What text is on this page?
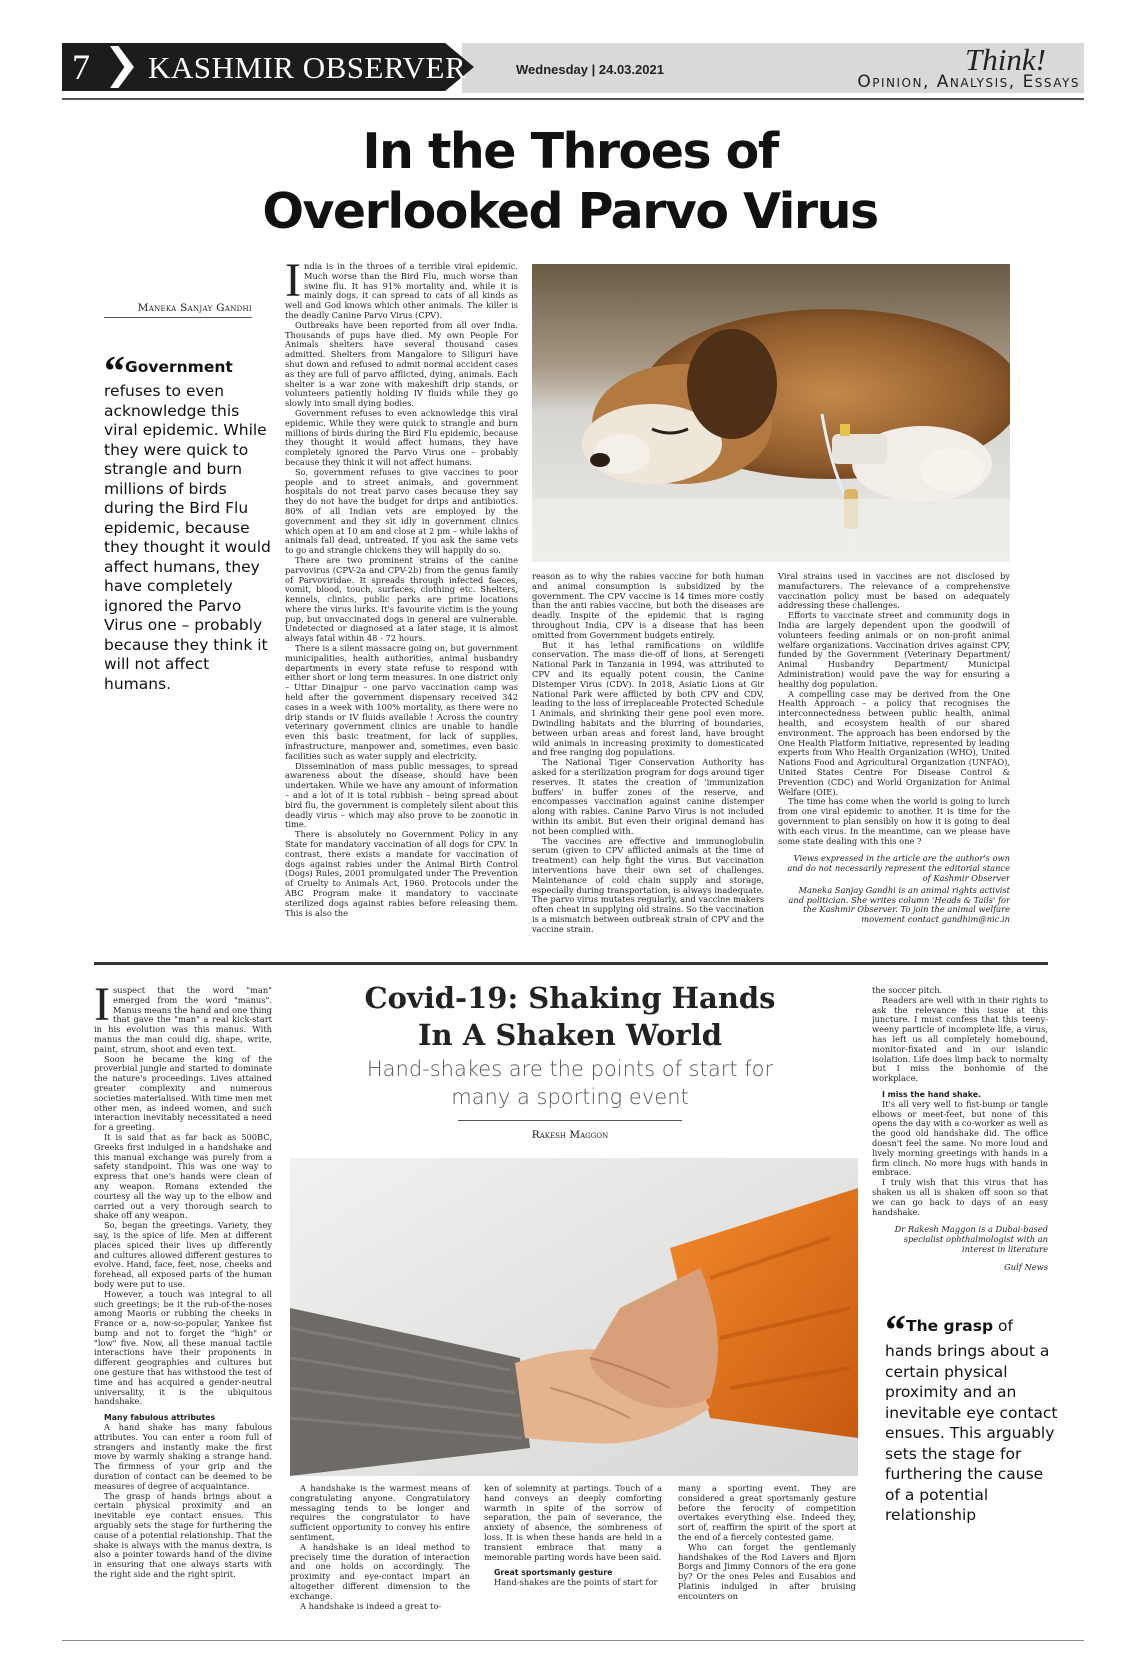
7 KASHMIR OBSERVER	Wednesday | 24.03.2021	Think!
Opinion, Analysis, Essays
In the Throes of Overlooked Parvo Virus
Maneka Sanjay Gandhi
“Government refuses to even acknowledge this viral epidemic. While they were quick to strangle and burn millions of birds during the Bird Flu epidemic, because they thought it would affect humans, they have completely ignored the Parvo Virus one – probably because they think it will not affect humans.

India is in the throes of a terrible viral epidemic. Much worse than the Bird Flu, much worse than swine flu. It has 91% mortality and, while it is mainly dogs, it can spread to cats of all kinds as well and God knows which other animals. The killer is the deadly Canine Parvo Virus (CPV).

Outbreaks have been reported from all over India. Thousands of pups have died. My own People For Animals shelters have several thousand cases admitted. Shelters from Mangalore to Siliguri have shut down and refused to admit normal accident cases as they are full of parvo afflicted, dying, animals. Each shelter is a war zone with makeshift drip stands, or volunteers patiently holding IV fluids while they go slowly into small dying bodies.

Government refuses to even acknowledge this viral epidemic. While they were quick to strangle and burn millions of birds during the Bird Flu epidemic, because they thought it would affect humans, they have completely ignored the Parvo Virus one – probably because they think it will not affect humans.

So, government refuses to give vaccines to poor people and to street animals, and government hospitals do not treat parvo cases because they say they do not have the budget for drips and antibiotics. 80% of all Indian vets are employed by the government and they sit idly in government clinics which open at 10 am and close at 2 pm – while lakhs of animals fall dead, untreated. If you ask the same vets to go and strangle chickens they will happily do so.

There are two prominent strains of the canine parvovirus (CPV-2a and CPV-2b) from the genus family of Parvoviridae. It spreads through infected faeces, vomit, blood, touch, surfaces, clothing etc. Shelters, kennels, clinics, public parks are prime locations where the virus lurks. It's favourite victim is the young pup, but unvaccinated dogs in general are vulnerable. Undetected or diagnosed at a later stage, it is almost always fatal within 48 - 72 hours.

There is a silent massacre going on, but government municipalities, health authorities, animal husbandry departments in every state refuse to respond with either short or long term measures. In one district only – Uttar Dinajpur – one parvo vaccination camp was held after the government dispensary received 342 cases in a week with 100% mortality, as there were no drip stands or IV fluids available ! Across the country veterinary government clinics are unable to handle even this basic treatment, for lack of supplies, infrastructure, manpower and, sometimes, even basic facilities such as water supply and electricity.

Dissemination of mass public messages, to spread awareness about the disease, should have been undertaken. While we have any amount of information – and a lot of it is total rubbish – being spread about bird flu, the government is completely silent about this deadly virus – which may also prove to be zoonotic in time.

There is absolutely no Government Policy in any State for mandatory vaccination of all dogs for CPV. In contrast, there exists a mandate for vaccination of dogs against rabies under the Animal Birth Control (Dogs) Rules, 2001 promulgated under The Prevention of Cruelty to Animals Act, 1960. Protocols under the ABC Program make it mandatory to vaccinate sterilized dogs against rabies before releasing them. This is also the

reason as to why the rabies vaccine for both human and animal consumption is subsidized by the government. The CPV vaccine is 14 times more costly than the anti rabies vaccine, but both the diseases are deadly. Inspite of the epidemic that is raging throughout India, CPV is a disease that has been omitted from Government budgets entirely.

But it has lethal ramifications on wildlife conservation. The mass die-off of lions, at Serengeti National Park in Tanzania in 1994, was attributed to CPV and its equally potent cousin, the Canine Distemper Virus (CDV). In 2018, Asiatic Lions at Gir National Park were afflicted by both CPV and CDV, leading to the loss of irreplaceable Protected Schedule I Animals, and shrinking their gene pool even more. Dwindling habitats and the blurring of boundaries, between urban areas and forest land, have brought wild animals in increasing proximity to domesticated and free ranging dog populations.

The National Tiger Conservation Authority has asked for a sterilization program for dogs around tiger reserves. It states the creation of 'immunization buffers' in buffer zones of the reserve, and encompasses vaccination against canine distemper along with rabies. Canine Parvo Virus is not included within its ambit. But even their original demand has not been complied with.

The vaccines are effective and immunoglobulin serum (given to CPV afflicted animals at the time of treatment) can help fight the virus. But vaccination interventions have their own set of challenges. Maintenance of cold chain supply and storage, especially during transportation, is always inadequate. The parvo virus mutates regularly, and vaccine makers often cheat in supplying old strains. So the vaccination is a mismatch between outbreak strain of CPV and the vaccine strain.

Viral strains used in vaccines are not disclosed by manufacturers. The relevance of a comprehensive vaccination policy must be based on adequately addressing these challenges.

Efforts to vaccinate street and community dogs in India are largely dependent upon the goodwill of volunteers feeding animals or on non-profit animal welfare organizations. Vaccination drives against CPV, funded by the Government (Veterinary Department/ Animal Husbandry Department/ Municipal Administration) would pave the way for ensuring a healthy dog population.

A compelling case may be derived from the One Health Approach – a policy that recognises the interconnectedness between public health, animal health, and ecosystem health of our shared environment. The approach has been endorsed by the One Health Platform Initiative, represented by leading experts from Who Health Organization (WHO), United Nations Food and Agricultural Organization (UNFAO), United States Centre For Disease Control & Prevention (CDC) and World Organization for Animal Welfare (OIE).

The time has come when the world is going to lurch from one viral epidemic to another. It is time for the government to plan sensibly on how it is going to deal with each virus. In the meantime, can we please have some state dealing with this one ?

Views expressed in the article are the author's own and do not necessarily represent the editorial stance of Kashmir Observer

Maneka Sanjay Gandhi is an animal rights activist and politician. She writes column 'Heads & Tails' for the Kashmir Observer. To join the animal welfare movement contact gandhim@nic.in

Isuspect that the word "man" emerged from the word "manus". Manus means the hand and one thing that gave the "man" a real kick-start in his evolution was this manus. With manus the man could dig, shape, write, paint, strum, shoot and even text.

Soon he became the king of the proverbial jungle and started to dominate the nature's proceedings. Lives attained greater complexity and numerous societies materialised. With time men met other men, as indeed women, and such interaction inevitably necessitated a need for a greeting.

It is said that as far back as 500BC, Greeks first indulged in a handshake and this manual exchange was purely from a safety standpoint. This was one way to express that one's hands were clean of any weapon. Romans extended the courtesy all the way up to the elbow and carried out a very thorough search to shake off any weapon.

So, began the greetings. Variety, they say, is the spice of life. Men at different places spiced their lives up differently and cultures allowed different gestures to evolve. Hand, face, feet, nose, cheeks and forehead, all exposed parts of the human body were put to use.

However, a touch was integral to all such greetings; be it the rub-of-the-noses among Maoris or rubbing the cheeks in France or a, now-so-popular, Yankee fist bump and not to forget the "high" or "low" five. Now, all these manual tactile interactions have their proponents in different geographies and cultures but one gesture that has withstood the test of time and has acquired a gender-neutral universality, it is the ubiquitous handshake.

Many fabulous attributes

A hand shake has many fabulous attributes. You can enter a room full of strangers and instantly make the first move by warmly shaking a strange hand. The firmness of your grip and the duration of contact can be deemed to be measures of degree of acquaintance.

The grasp of hands brings about a certain physical proximity and an inevitable eye contact ensues. This arguably sets the stage for furthering the cause of a potential relationship. That the shake is always with the manus dextra, is also a pointer towards hand of the divine in ensuring that one always starts with the right side and the right spirit.

Covid-19: Shaking Hands In A Shaken World
Hand-shakes are the points of start for many a sporting event
Rakesh Maggon

A handshake is the warmest means of congratulating anyone. Congratulatory messaging tends to be longer and requires the congratulator to have sufficient opportunity to convey his entire sentiment.

A handshake is an ideal method to precisely time the duration of interaction and one holds on accordingly. The proximity and eye-contact impart an altogether different dimension to the exchange.

A handshake is indeed a great to-

ken of solemnity at partings. Touch of a hand conveys an deeply comforting warmth in spite of the sorrow of separation, the pain of severance, the anxiety of absence, the sombreness of loss. It is when these hands are held in a transient embrace that many a memorable parting words have been said.

Great sportsmanly gesture

Hand-shakes are the points of start for

many a sporting event. They are considered a great sportsmanly gesture before the ferocity of competition overtakes everything else. Indeed they, sort of, reaffirm the spirit of the sport at the end of a fiercely contested game.

Who can forget the gentlemanly handshakes of the Rod Lavers and Bjorn Borgs and Jimmy Connors of the era gone by? Or the ones Peles and Eusabios and Platinis indulged in after bruising encounters on

the soccer pitch.

Readers are well with in their rights to ask the relevance this issue at this juncture. I must confess that this teeny-weeny particle of incomplete life, a virus, has left us all completely homebound, monitor-fixated and in our islandic isolation. Life does limp back to normalty but I miss the bonhomie of the workplace.

I miss the hand shake.

It's all very well to fist-bump or tangle elbows or meet-feet, but none of this opens the day with a co-worker as well as the good old handshake did. The office doesn't feel the same. No more loud and lively morning greetings with hands in a firm clinch. No more hugs with hands in embrace.

I truly wish that this virus that has shaken us all is shaken off soon so that we can go back to days of an easy handshake.

Dr Rakesh Maggon is a Dubai-based specialist ophthalmologist with an interest in literature

Gulf News

“The grasp of hands brings about a certain physical proximity and an inevitable eye contact ensues. This arguably sets the stage for furthering the cause of a potential relationship
